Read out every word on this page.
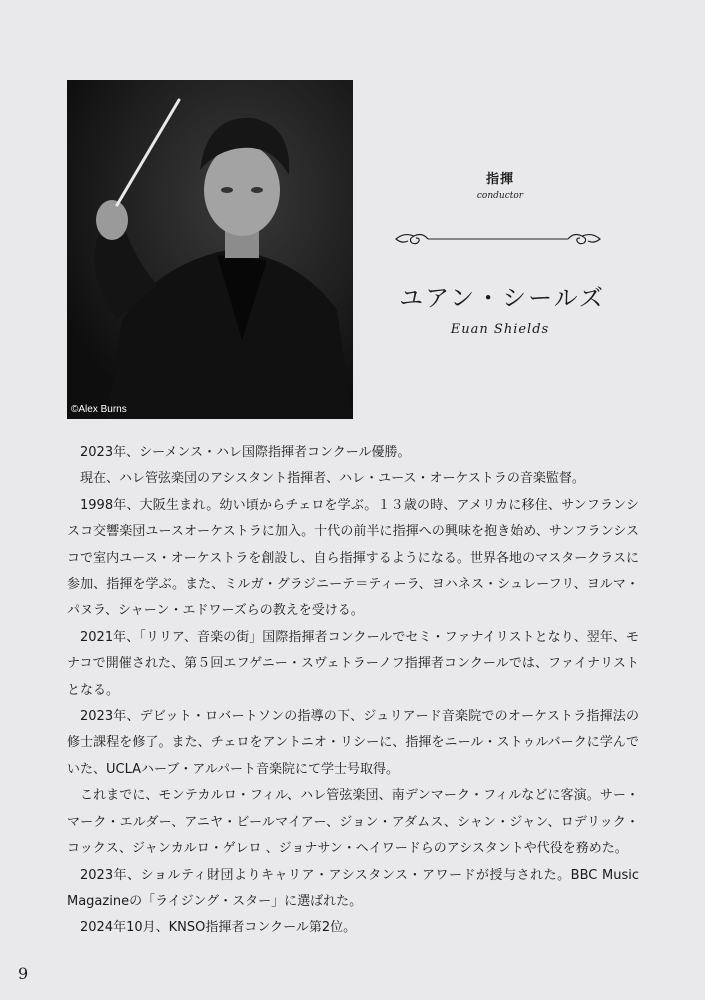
©Alex Burns
指揮
conductor
ユアン・シールズ
Euan Shields

2023年、シーメンス・ハレ国際指揮者コンクール優勝。

現在、ハレ管弦楽団のアシスタント指揮者、ハレ・ユース・オーケストラの音楽監督。

1998年、大阪生まれ。幼い頃からチェロを学ぶ。１３歳の時、アメリカに移住、サンフランシスコ交響楽団ユースオーケストラに加入。十代の前半に指揮への興味を抱き始め、サンフランシスコで室内ユース・オーケストラを創設し、自ら指揮するようになる。世界各地のマスタークラスに参加、指揮を学ぶ。また、ミルガ・グラジニーテ＝ティーラ、ヨハネス・シュレーフリ、ヨルマ・パヌラ、シャーン・エドワーズらの教えを受ける。

2021年、「リリア、音楽の街」国際指揮者コンクールでセミ・ファナイリストとなり、翌年、モナコで開催された、第５回エフゲニー・スヴェトラーノフ指揮者コンクールでは、ファイナリストとなる。

2023年、デビット・ロバートソンの指導の下、ジュリアード音楽院でのオーケストラ指揮法の修士課程を修了。また、チェロをアントニオ・リシーに、指揮をニール・ストゥルバークに学んでいた、UCLAハーブ・アルパート音楽院にて学士号取得。

これまでに、モンテカルロ・フィル、ハレ管弦楽団、南デンマーク・フィルなどに客演。サー・マーク・エルダー、アニヤ・ビールマイアー、ジョン・アダムス、シャン・ジャン、ロデリック・コックス、ジャンカルロ・ゲレロ 、ジョナサン・ヘイワードらのアシスタントや代役を務めた。

2023年、ショルティ財団よりキャリア・アシスタンス・アワードが授与された。BBC Music Magazineの「ライジング・スター」に選ばれた。

2024年10月、KNSO指揮者コンクール第2位。

9
